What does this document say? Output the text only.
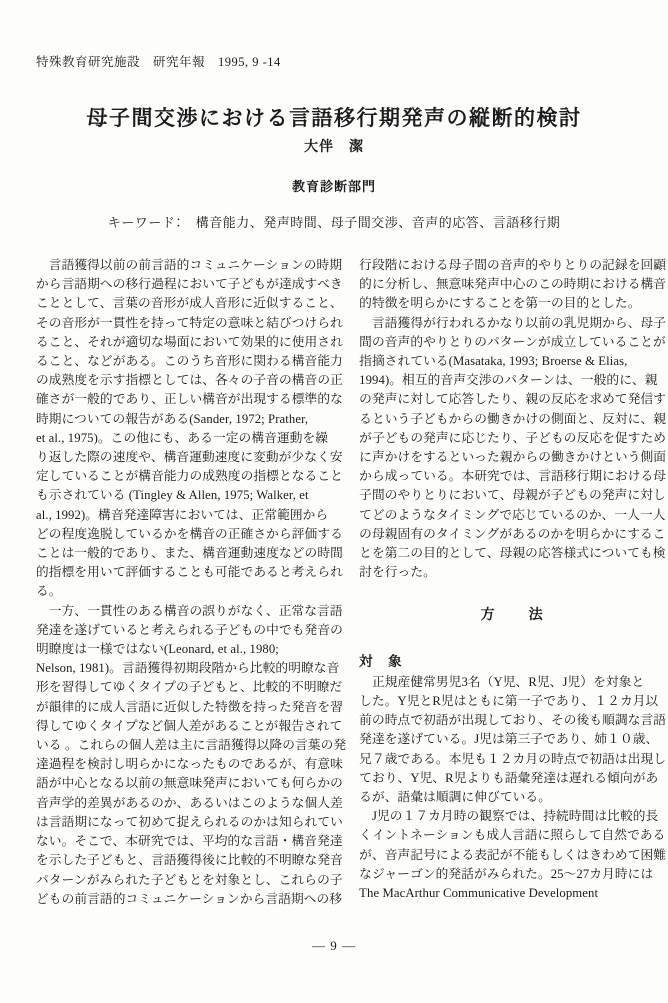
特殊教育研究施設　研究年報　1995, 9 -14
母子間交渉における言語移行期発声の縦断的検討
大伴　潔
教育診断部門
キーワード：　構音能力、発声時間、母子間交渉、音声的応答、言語移行期
　言語獲得以前の前言語的コミュニケーションの時期
から言語期への移行過程において子どもが達成すべき
こととして、言葉の音形が成人音形に近似すること、
その音形が一貫性を持って特定の意味と結びつけられ
ること、それが適切な場面において効果的に使用され
ること、などがある。このうち音形に関わる構音能力
の成熟度を示す指標としては、各々の子音の構音の正
確さが一般的であり、正しい構音が出現する標準的な
時期についての報告がある(Sander, 1972; Prather,
et al., 1975)。この他にも、ある一定の構音運動を繰
り返した際の速度や、構音運動速度に変動が少なく安
定していることが構音能力の成熟度の指標となること
も示されている (Tingley & Allen, 1975; Walker, et
al., 1992)。構音発達障害においては、正常範囲から
どの程度逸脱しているかを構音の正確さから評価する
ことは一般的であり、また、構音運動速度などの時間
的指標を用いて評価することも可能であると考えられ
る。
　一方、一貫性のある構音の誤りがなく、正常な言語
発達を遂げていると考えられる子どもの中でも発音の
明瞭度は一様ではない(Leonard, et al., 1980;
Nelson, 1981)。言語獲得初期段階から比較的明瞭な音
形を習得してゆくタイプの子どもと、比較的不明瞭だ
が韻律的に成人言語に近似した特徴を持った発音を習
得してゆくタイプなど個人差があることが報告されて
いる 。これらの個人差は主に言語獲得以降の言葉の発
達過程を検討し明らかになったものであるが、有意味
語が中心となる以前の無意味発声においても何らかの
音声学的差異があるのか、あるいはこのような個人差
は言語期になって初めて捉えられるのかは知られてい
ない。そこで、本研究では、平均的な言語・構音発達
を示した子どもと、言語獲得後に比較的不明瞭な発音
パターンがみられた子どもとを対象とし、これらの子
どもの前言語的コミュニケーションから言語期への移
行段階における母子間の音声的やりとりの記録を回顧
的に分析し、無意味発声中心のこの時期における構音
的特徴を明らかにすることを第一の目的とした。
　言語獲得が行われるかなり以前の乳児期から、母子
間の音声的やりとりのパターンが成立していることが
指摘されている(Masataka, 1993; Broerse & Elias,
1994)。相互的音声交渉のパターンは、一般的に、親
の発声に対して応答したり、親の反応を求めて発信す
るという子どもからの働きかけの側面と、反対に、親
が子どもの発声に応じたり、子どもの反応を促すため
に声かけをするといった親からの働きかけという側面
から成っている。本研究では、言語移行期における母
子間のやりとりにおいて、母親が子どもの発声に対し
てどのようなタイミングで応じているのか、一人一人
の母親固有のタイミングがあるのかを明らかにするこ
とを第二の目的として、母親の応答様式についても検
討を行った。
方　　法
対　象
　正規産健常男児3名（Y児、R児、J児）を対象と
した。Y児とR児はともに第一子であり、１２カ月以
前の時点で初語が出現しており、その後も順調な言語
発達を遂げている。J児は第三子であり、姉１０歳、
兄７歳である。本児も１２カ月の時点で初語は出現し
ており、Y児、R児よりも語彙発達は遅れる傾向があ
るが、語彙は順調に伸びている。
　J児の１７カ月時の観察では、持続時間は比較的長
くイントネーションも成人言語に照らして自然である
が、音声記号による表記が不能もしくはきわめて困難
なジャーゴン的発話がみられた。25～27カ月時には
The MacArthur Communicative Development
— 9 —
